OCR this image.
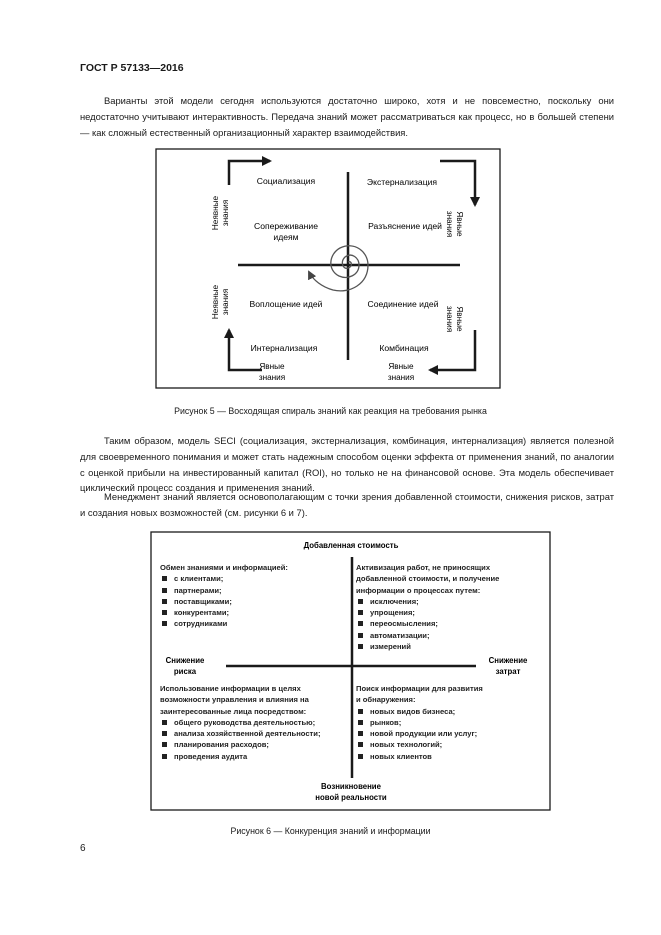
ГОСТ Р 57133—2016
Варианты этой модели сегодня используются достаточно широко, хотя и не повсеместно, поскольку они недостаточно учитывают интерактивность. Передача знаний может рассматриваться как процесс, но в большей степени — как сложный естественный организационный характер взаимодействия.
Социализация	Экстернализация
Сопереживание
идеям
Разъяснение идей
Воплощение идей	Соединение идей
Интернализация	Комбинация
Неявные знания
Неявные знания
Явные
знания
Явные
знания
Явные
знания
Явные
знания
Добавленная стоимость
Снижение
риска
Снижение
затрат
Возникновение
новой реальности
Рисунок 5 — Восходящая спираль знаний как реакция на требования рынка
Таким образом, модель SECI (социализация, экстернализация, комбинация, интернализация) является полезной для своевременного понимания и может стать надежным способом оценки эффекта от применения знаний, по аналогии с оценкой прибыли на инвестированный капитал (ROI), но только не на финансовой основе. Эта модель обеспечивает циклический процесс создания и применения знаний.
Менеджмент знаний является основополагающим с точки зрения добавленной стоимости, снижения рисков, затрат и создания новых возможностей (см. рисунки 6 и 7).
Обмен знаниями и информацией:
с клиентами;
партнерами;
поставщиками;
конкурентами;
сотрудниками
Активизация работ, не приносящих
добавленной стоимости, и получение
информации о процессах путем:
исключения;
упрощения;
переосмысления;
автоматизации;
измерений
Использование информации в целях
возможности управления и влияния на
заинтересованные лица посредством:
общего руководства деятельностью;
анализа хозяйственной деятельности;
планирования расходов;
проведения аудита
Поиск информации для развития
и обнаружения:
новых видов бизнеса;
рынков;
новой продукции или услуг;
новых технологий;
новых клиентов
Рисунок 6 — Конкуренция знаний и информации
6
